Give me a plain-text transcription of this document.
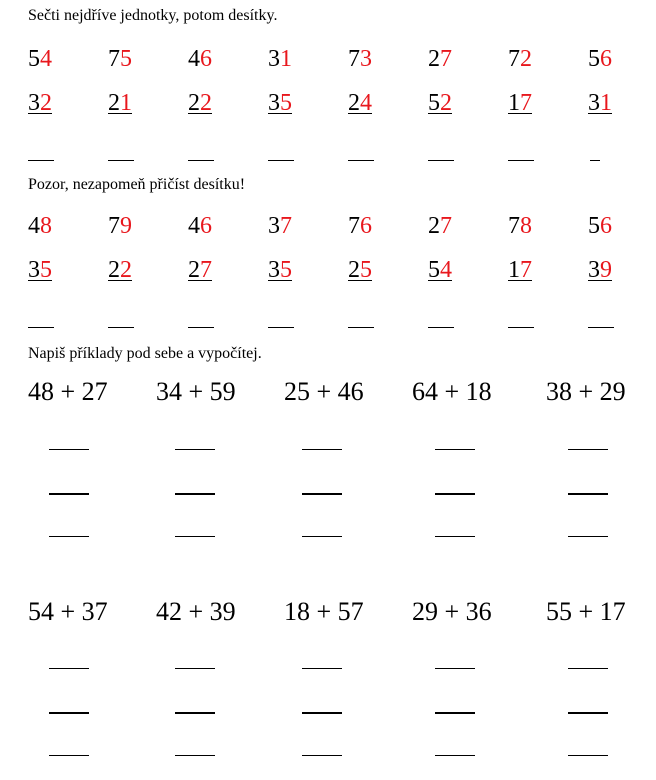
Sečti nejdříve jednotky, potom desítky.
54 75 46 31 73 27 72 56
32 21 22 35 24 52 17 31
Pozor, nezapomeň přičíst desítku!
48 79 46 37 76 27 78 56
35 22 27 35 25 54 17 39
Napiš příklady pod sebe a vypočítej.
48 + 27 34 + 59 25 + 46 64 + 18 38 + 29
54 + 37 42 + 39 18 + 57 29 + 36 55 + 17
